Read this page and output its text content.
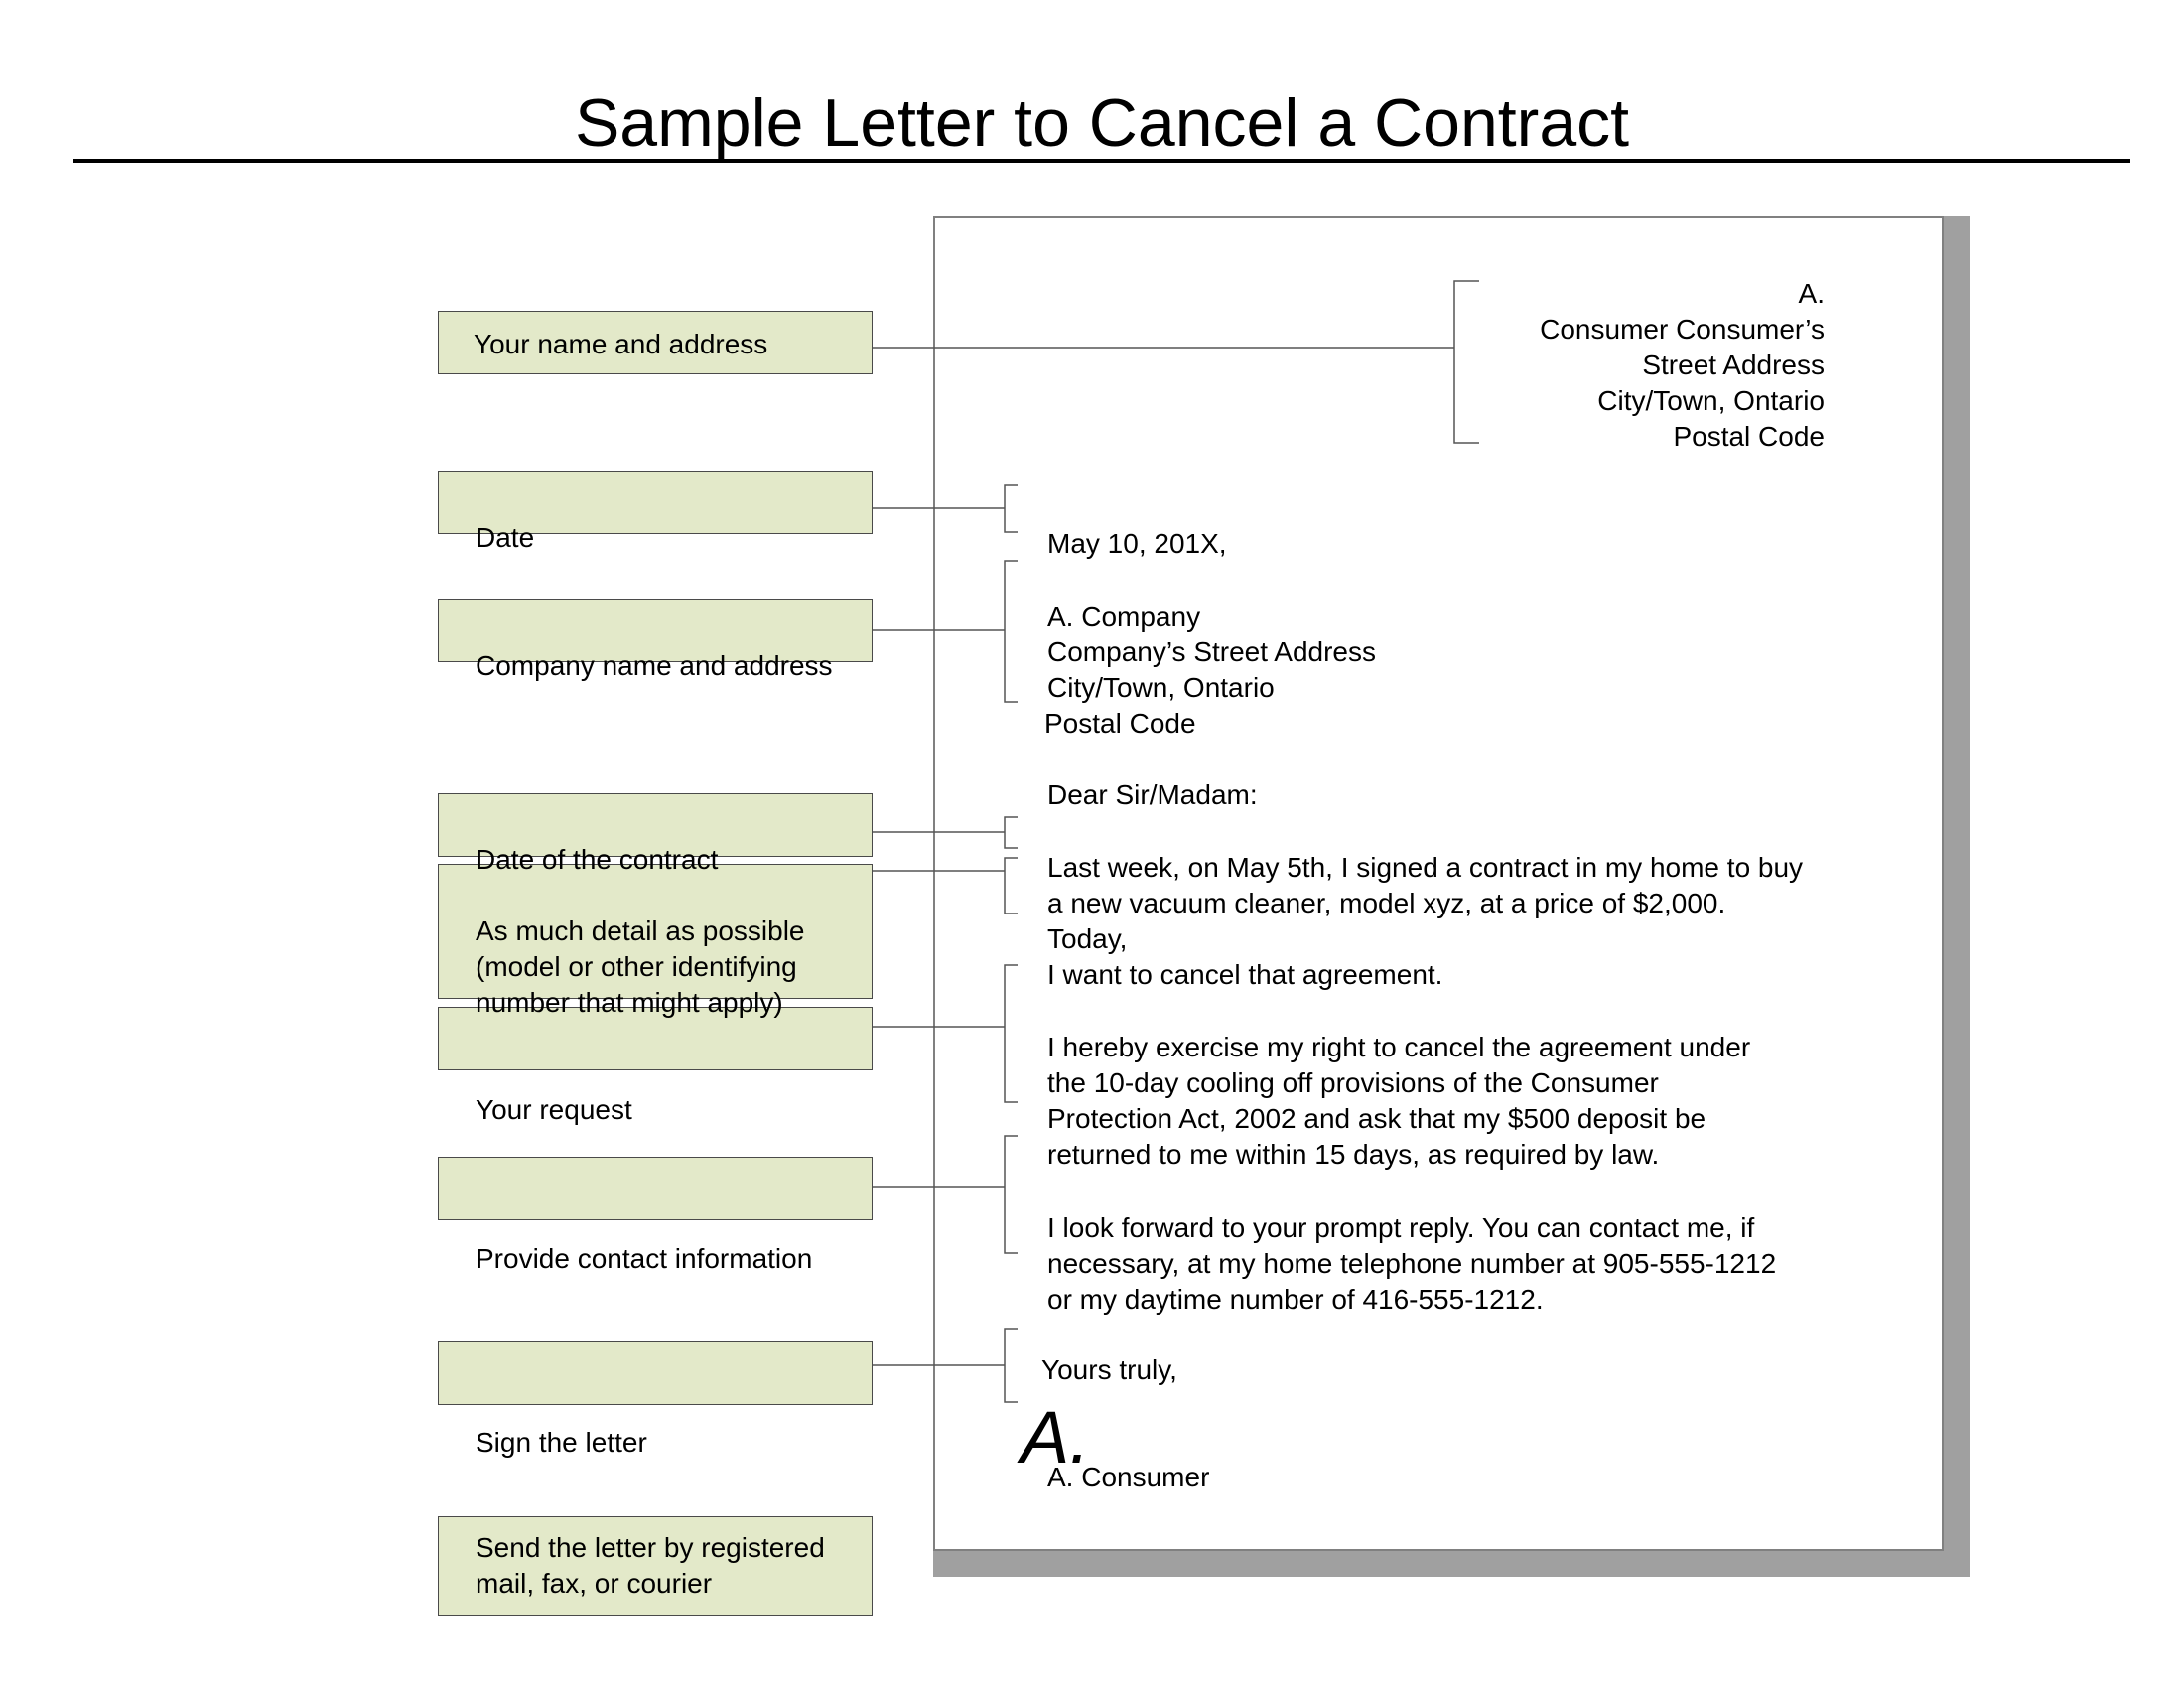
Sample Letter to Cancel a Contract
Your name and address
Date
Company name and address
Date of the contract
As much detail as possible
(model or other identifying
number that might apply)
Your request
Provide contact information
Sign the letter
Send the letter by registered
mail, fax, or courier
A.
Consumer Consumer’s
Street Address
City/Town, Ontario
Postal Code
May 10, 201X,
A. Company
Company’s Street Address
City/Town, Ontario
Postal Code
Dear Sir/Madam:
Last week, on May 5th, I signed a contract in my home to buy
a new vacuum cleaner, model xyz, at a price of $2,000.
Today,
I want to cancel that agreement.
I hereby exercise my right to cancel the agreement under
the 10-day cooling off provisions of the Consumer
Protection Act, 2002 and ask that my $500 deposit be
returned to me within 15 days, as required by law.
I look forward to your prompt reply. You can contact me, if
necessary, at my home telephone number at 905-555-1212
or my daytime number of 416-555-1212.
Yours truly,
A.
A. Consumer
